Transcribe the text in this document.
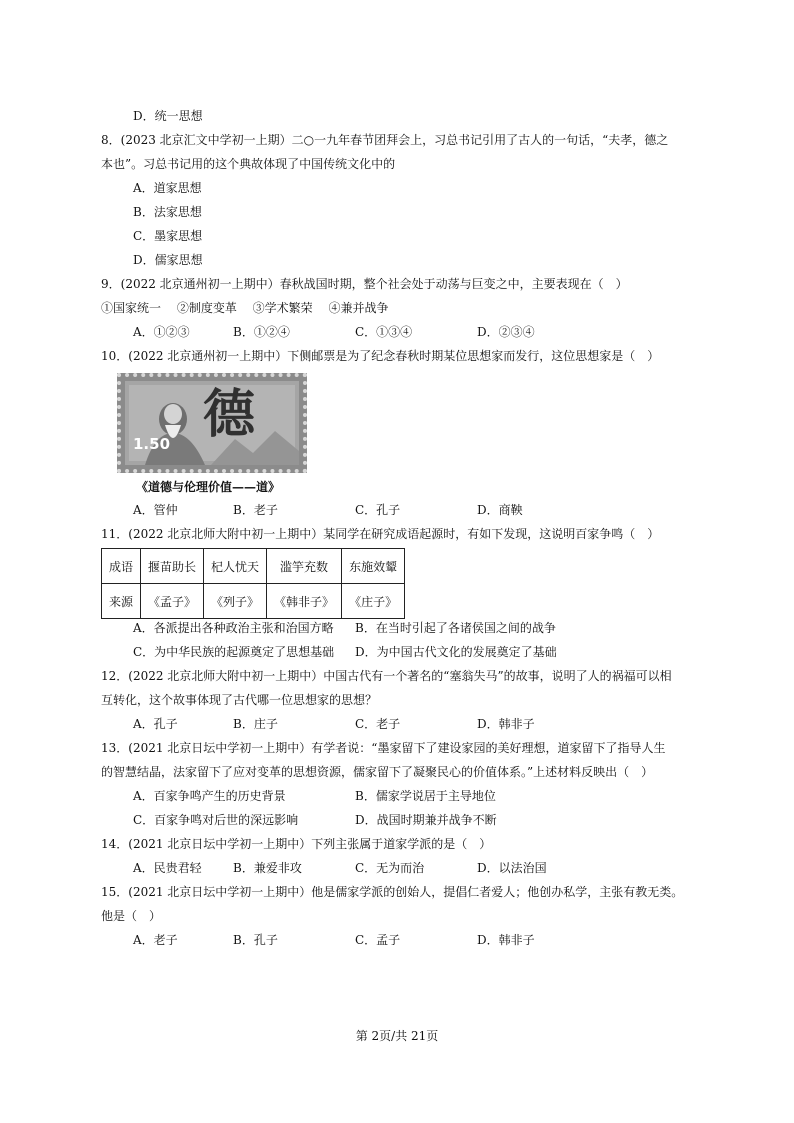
D．统一思想
8．(2023 北京汇文中学初一上期）二○一九年春节团拜会上，习总书记引用了古人的一句话，“夫孝，德之
本也”。习总书记用的这个典故体现了中国传统文化中的
A．道家思想
B．法家思想
C．墨家思想
D．儒家思想
9．(2022 北京通州初一上期中）春秋战国时期，整个社会处于动荡与巨变之中，主要表现在（　）
①国家统一　 ②制度变革　 ③学术繁荣　 ④兼并战争
A．①②③	B．①②④	C．①③④	D．②③④
10．(2022 北京通州初一上期中）下侧邮票是为了纪念春秋时期某位思想家而发行，这位思想家是（　）
德
1.50
《道德与伦理价值——道》
A．管仲	B．老子	C．孔子	D．商鞅
11．(2022 北京北师大附中初一上期中）某同学在研究成语起源时，有如下发现，这说明百家争鸣（　）
成语	揠苗助长	杞人忧天	滥竽充数	东施效颦
来源	《孟子》	《列子》	《韩非子》	《庄子》
A．各派提出各种政治主张和治国方略 B．在当时引起了各诸侯国之间的战争
C．为中华民族的起源奠定了思想基础 D．为中国古代文化的发展奠定了基础
12．(2022 北京北师大附中初一上期中）中国古代有一个著名的“塞翁失马”的故事，说明了人的祸福可以相
互转化，这个故事体现了古代哪一位思想家的思想？
A．孔子	B．庄子	C．老子	D．韩非子
13．(2021 北京日坛中学初一上期中）有学者说：“墨家留下了建设家园的美好理想，道家留下了指导人生
的智慧结晶，法家留下了应对变革的思想资源，儒家留下了凝聚民心的价值体系。”上述材料反映出（　）
A．百家争鸣产生的历史背景	B．儒家学说居于主导地位
C．百家争鸣对后世的深远影响	D．战国时期兼并战争不断
14．(2021 北京日坛中学初一上期中）下列主张属于道家学派的是（　）
A．民贵君轻	B．兼爱非攻	C．无为而治	D．以法治国
15．(2021 北京日坛中学初一上期中）他是儒家学派的创始人，提倡仁者爱人；他创办私学，主张有教无类。
他是（　）
A．老子	B．孔子	C．孟子	D．韩非子
第 2页/共 21页
